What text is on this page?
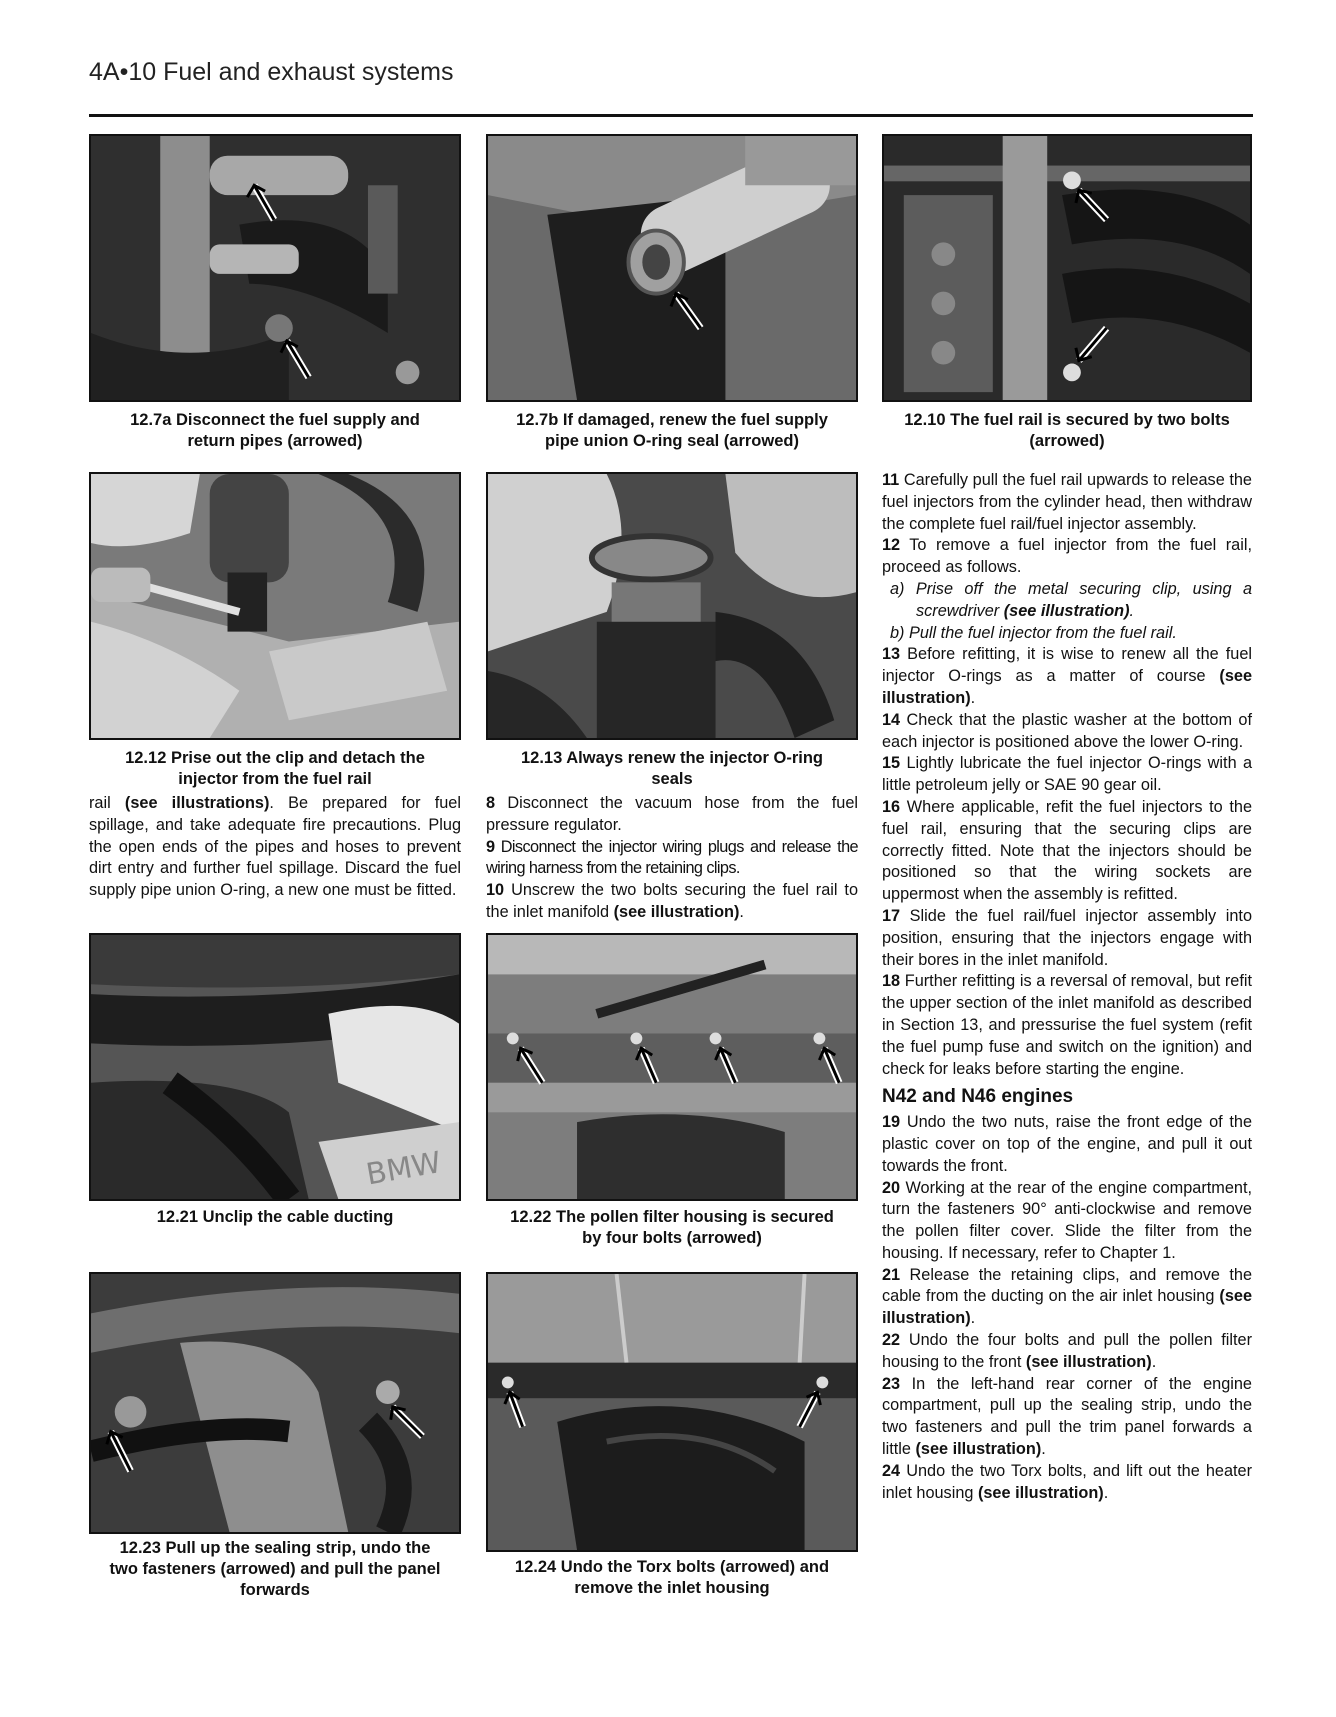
4A•10 Fuel and exhaust systems
12.7a Disconnect the fuel supply and
return pipes (arrowed)
12.7b If damaged, renew the fuel supply
pipe union O-ring seal (arrowed)
12.10 The fuel rail is secured by two bolts
(arrowed)
12.12 Prise out the clip and detach the
injector from the fuel rail
12.13 Always renew the injector O-ring
seals

rail (see illustrations). Be prepared for fuel spillage, and take adequate fire precautions. Plug the open ends of the pipes and hoses to prevent dirt entry and further fuel spillage. Discard the fuel supply pipe union O-ring, a new one must be fitted.

8 Disconnect the vacuum hose from the fuel pressure regulator.

9 Disconnect the injector wiring plugs and release the wiring harness from the retaining clips.

10 Unscrew the two bolts securing the fuel rail to the inlet manifold (see illustration).

BMW
12.21 Unclip the cable ducting	12.22 The pollen filter housing is secured
by four bolts (arrowed)
12.23 Pull up the sealing strip, undo the
two fasteners (arrowed) and pull the panel
forwards
12.24 Undo the Torx bolts (arrowed) and
remove the inlet housing

11 Carefully pull the fuel rail upwards to release the fuel injectors from the cylinder head, then withdraw the complete fuel rail/fuel injector assembly.

12 To remove a fuel injector from the fuel rail, proceed as follows.

a) Prise off the metal securing clip, using a screwdriver (see illustration).

b) Pull the fuel injector from the fuel rail.

13 Before refitting, it is wise to renew all the fuel injector O-rings as a matter of course (see illustration).

14 Check that the plastic washer at the bottom of each injector is positioned above the lower O-ring.

15 Lightly lubricate the fuel injector O-rings with a little petroleum jelly or SAE 90 gear oil.

16 Where applicable, refit the fuel injectors to the fuel rail, ensuring that the securing clips are correctly fitted. Note that the injectors should be positioned so that the wiring sockets are uppermost when the assembly is refitted.

17 Slide the fuel rail/fuel injector assembly into position, ensuring that the injectors engage with their bores in the inlet manifold.

18 Further refitting is a reversal of removal, but refit the upper section of the inlet manifold as described in Section 13, and pressurise the fuel system (refit the fuel pump fuse and switch on the ignition) and check for leaks before starting the engine.

N42 and N46 engines

19 Undo the two nuts, raise the front edge of the plastic cover on top of the engine, and pull it out towards the front.

20 Working at the rear of the engine compartment, turn the fasteners 90° anti-clockwise and remove the pollen filter cover. Slide the filter from the housing. If necessary, refer to Chapter 1.

21 Release the retaining clips, and remove the cable from the ducting on the air inlet housing (see illustration).

22 Undo the four bolts and pull the pollen filter housing to the front (see illustration).

23 In the left-hand rear corner of the engine compartment, pull up the sealing strip, undo the two fasteners and pull the trim panel forwards a little (see illustration).

24 Undo the two Torx bolts, and lift out the heater inlet housing (see illustration).
